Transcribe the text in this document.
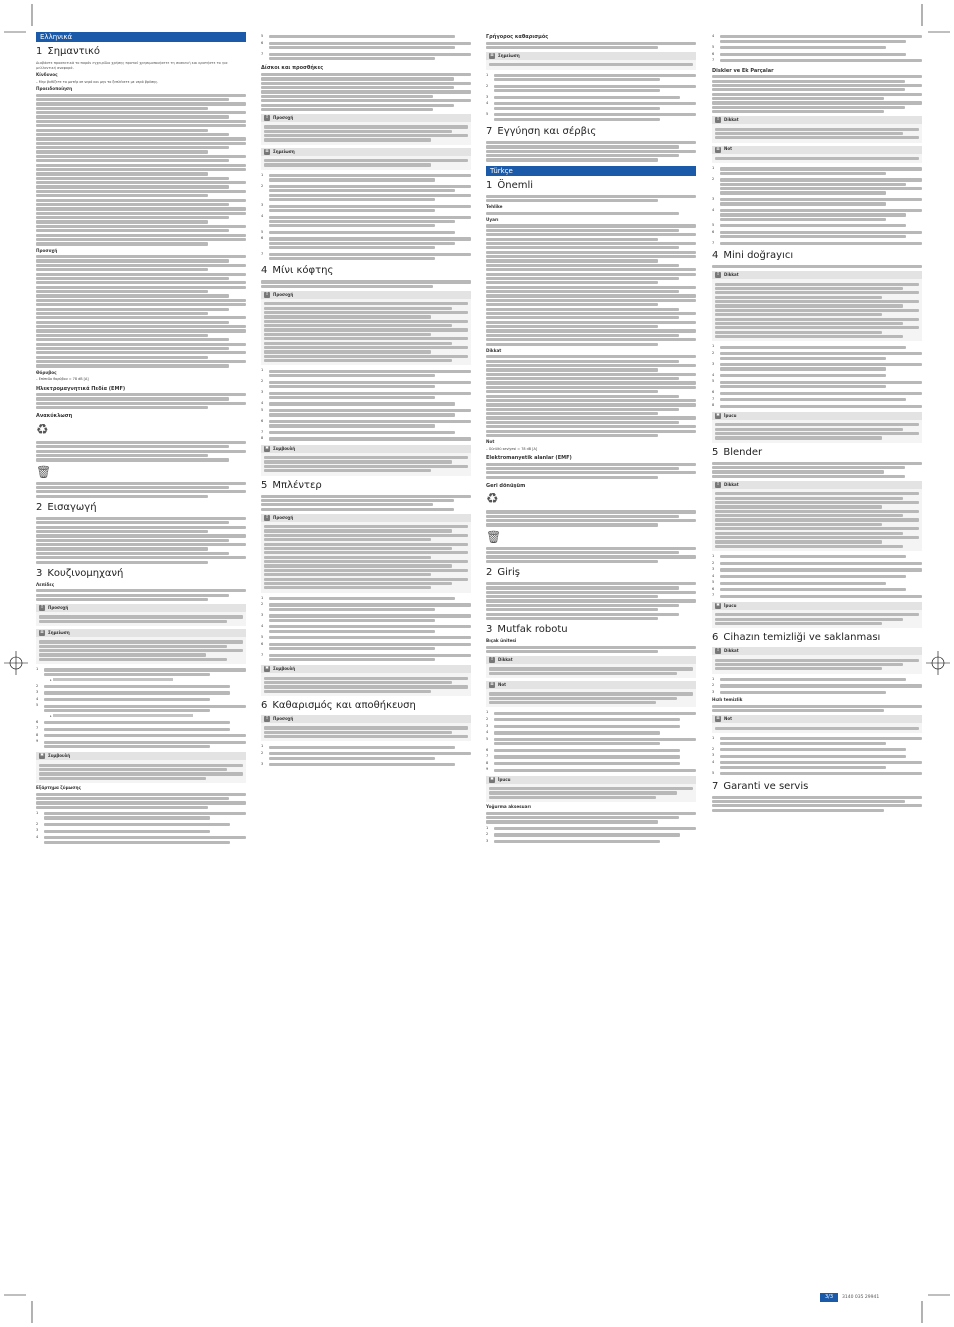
Ελληνικά
1 Σημαντικό
Διαβάστε προσεκτικά το παρόν εγχειρίδιο χρήσης προτού χρησιμοποιήσετε τη συσκευή και κρατήστε το για μελλοντική αναφορά.
Κίνδυνος
– Μην βυθίζετε το μοτέρ σε νερό και μην το ξεπλένετε με νερό βρύσης.
Προειδοποίηση
Προσοχή
Θόρυβος
– Επίπεδο θορύβου = 78 dB [A]
Ηλεκτρομαγνητικά Πεδία (EMF)
Ανακύκλωση
♻
🗑
2 Εισαγωγή
3 Κουζινομηχανή
Λεπίδες
!	Προσοχή
≡ Σημείωση
1
▸
2
3
4
5
▸
6
7
8
9
✱ Συμβουλή
Εξάρτημα ζύμωσης
1
2
3
4
5
6
7
Δίσκοι και προσθήκες
!	Προσοχή
≡ Σημείωση
1
2
3
4
5
6
7
4 Μίνι κόφτης
!	Προσοχή
1
2
3
4
5
6
7
8
✱ Συμβουλή
5 Μπλέντερ
!	Προσοχή
1
2
3
4
5
6
7
✱ Συμβουλή
6 Καθαρισμός και αποθήκευση
!	Προσοχή
1
2
3
Γρήγορος καθαρισμός
≡ Σημείωση
1
2
3
4
5
7 Εγγύηση και σέρβις
Türkçe
1 Önemli
Tehlike
Uyarı
Dikkat
Not
– Gürültü seviyesi = 78 dB [A]
Elektromanyetik alanlar (EMF)
Geri dönüşüm
♻
🗑
2 Giriş
3 Mutfak robotu
Bıçak ünitesi
!	Dikkat
≡ Not
1
2
3
4
5
6
7
8
9
✱ İpucu
Yoğurma aksesuarı
1
2
3
4
5
6
7
Diskler ve Ek Parçalar
!	Dikkat
≡ Not
1
2
3
4
5
6
7
4 Mini doğrayıcı
!	Dikkat
1
2
3
4
5
6
7
8
✱ İpucu
5 Blender
!	Dikkat
1
2
3
4
5
6
7
✱ İpucu
6 Cihazın temizliği ve saklanması
!	Dikkat
1
2
3
Hızlı temizlik
≡ Not
1
2
3
4
5
7 Garanti ve servis
3/3	3140 035 29941
